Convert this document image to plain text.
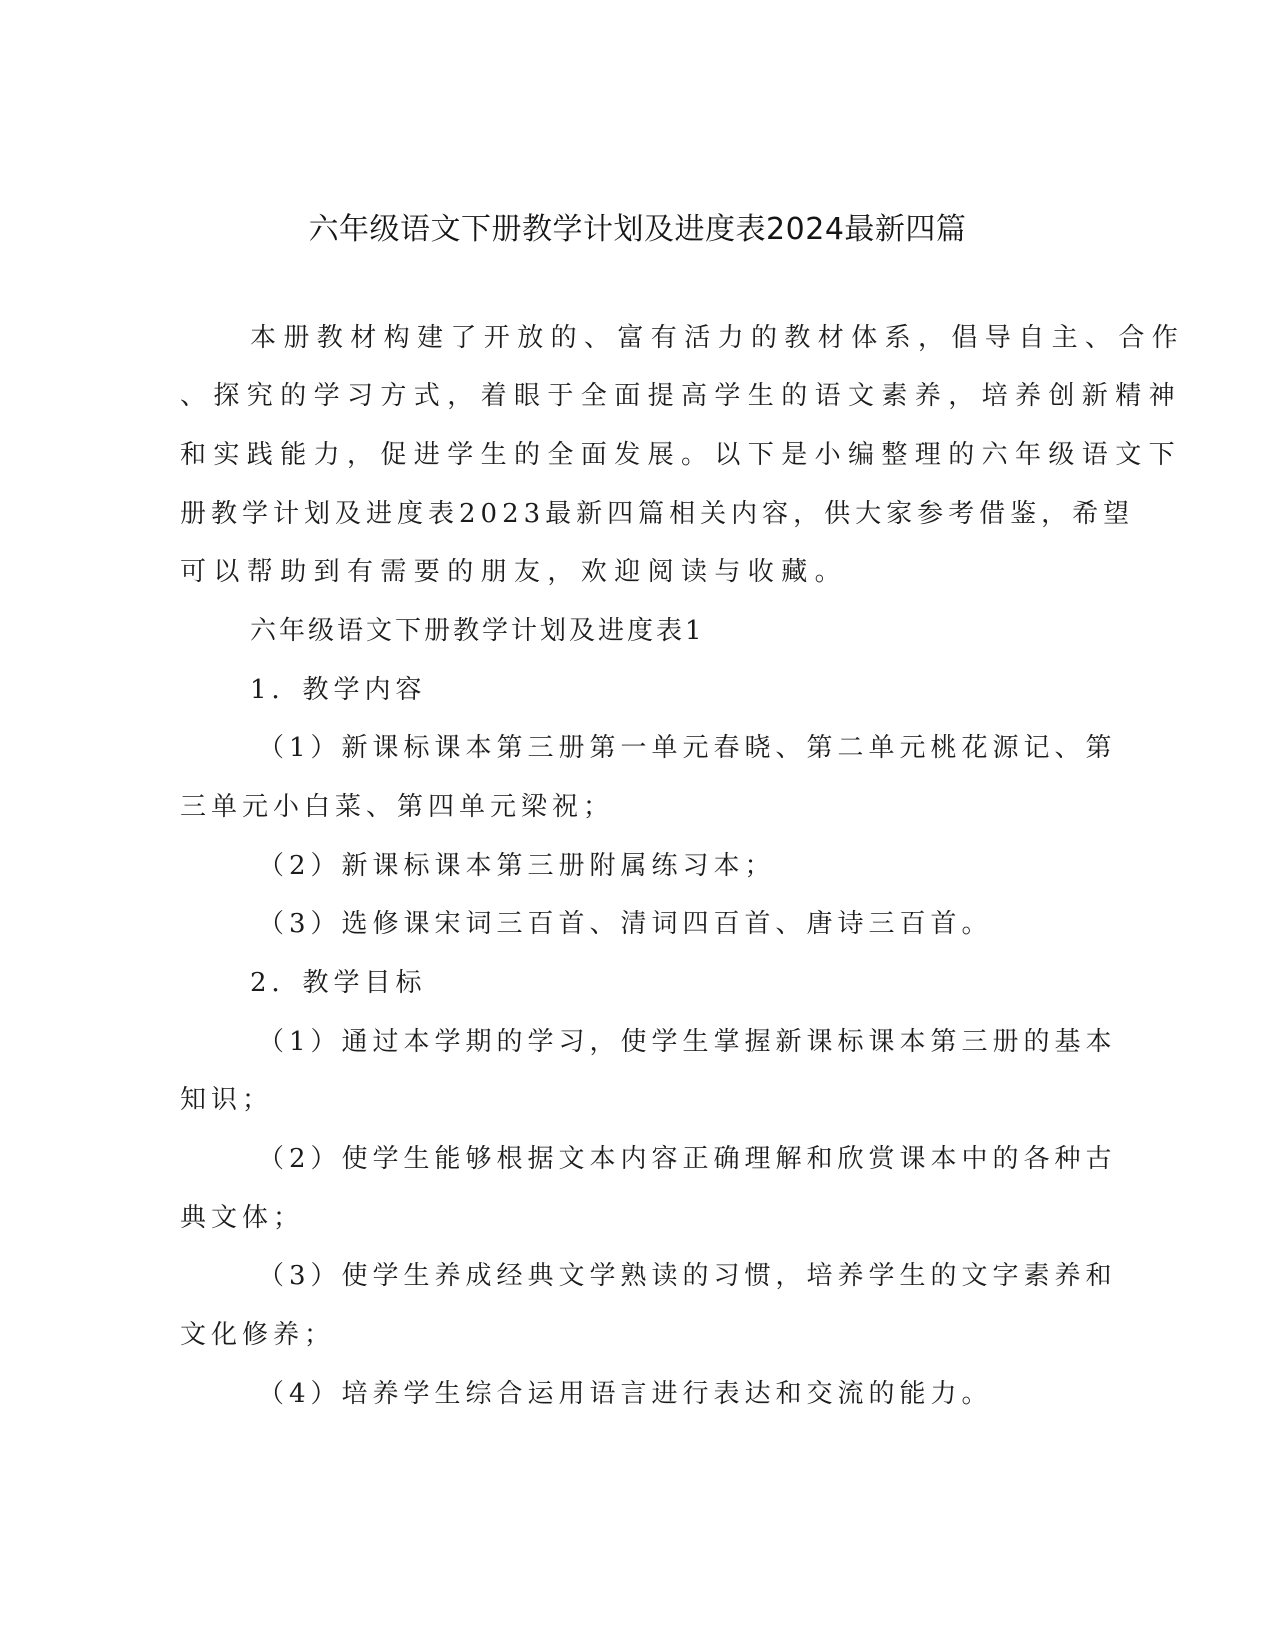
六年级语文下册教学计划及进度表2024最新四篇
本册教材构建了开放的、富有活力的教材体系，倡导自主、合作
、探究的学习方式，着眼于全面提高学生的语文素养，培养创新精神
和实践能力，促进学生的全面发展。以下是小编整理的六年级语文下
册教学计划及进度表2023最新四篇相关内容，供大家参考借鉴，希望
可以帮助到有需要的朋友，欢迎阅读与收藏。
六年级语文下册教学计划及进度表1
1．教学内容
（1）新课标课本第三册第一单元春晓、第二单元桃花源记、第
三单元小白菜、第四单元梁祝；
（2）新课标课本第三册附属练习本；
（3）选修课宋词三百首、清词四百首、唐诗三百首。
2．教学目标
（1）通过本学期的学习，使学生掌握新课标课本第三册的基本
知识；
（2）使学生能够根据文本内容正确理解和欣赏课本中的各种古
典文体；
（3）使学生养成经典文学熟读的习惯，培养学生的文字素养和
文化修养；
（4）培养学生综合运用语言进行表达和交流的能力。
